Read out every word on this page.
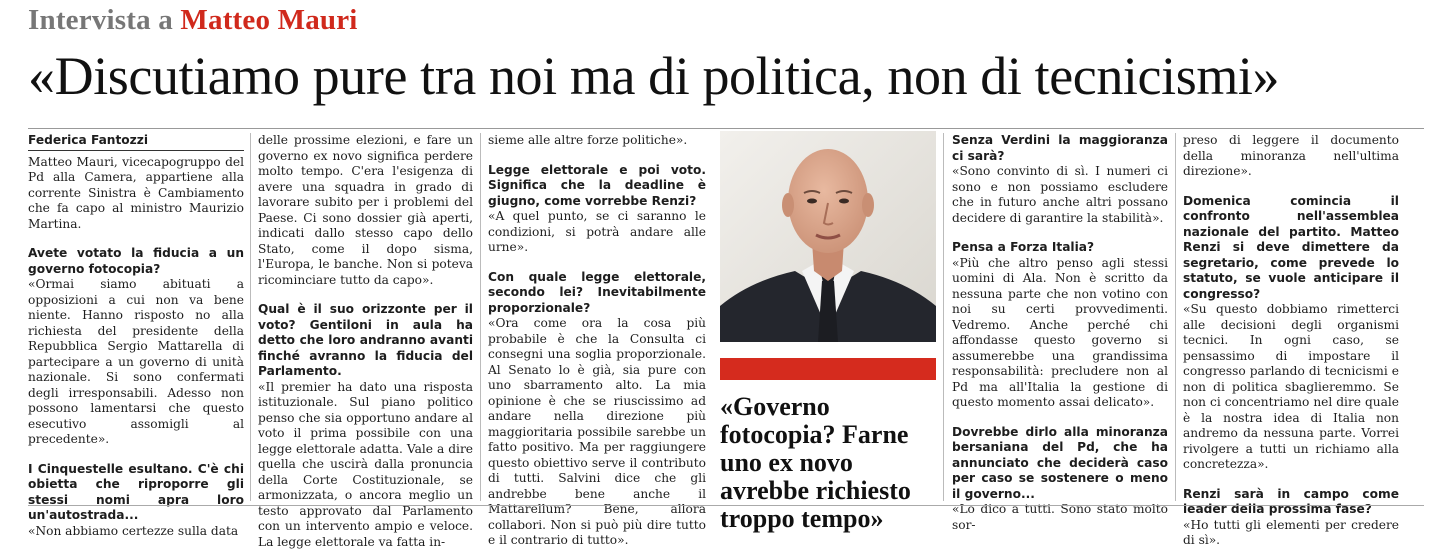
Intervista a Matteo Mauri
«Discutiamo pure tra noi ma di politica, non di tecnicismi»
Federica Fantozzi

Matteo Mauri, vicecapogruppo del Pd alla Camera, appartiene alla corrente Sinistra è Cambiamento che fa capo al ministro Maurizio Martina.

Avete votato la fiducia a un governo fotocopia?

«Ormai siamo abituati a opposizioni a cui non va bene niente. Hanno risposto no alla richiesta del presidente della Repubblica Sergio Mattarella di partecipare a un governo di unità nazionale. Si sono confermati degli irresponsabili. Adesso non possono lamentarsi che questo esecutivo assomigli al precedente».

I Cinquestelle esultano. C'è chi obietta che riproporre gli stessi nomi apra loro un'autostrada...

«Non abbiamo certezze sulla data

delle prossime elezioni, e fare un governo ex novo significa perdere molto tempo. C'era l'esigenza di avere una squadra in grado di lavorare subito per i problemi del Paese. Ci sono dossier già aperti, indicati dallo stesso capo dello Stato, come il dopo sisma, l'Europa, le banche. Non si poteva ricominciare tutto da capo».

Qual è il suo orizzonte per il voto? Gentiloni in aula ha detto che loro andranno avanti finché avranno la fiducia del Parlamento.

«Il premier ha dato una risposta istituzionale. Sul piano politico penso che sia opportuno andare al voto il prima possibile con una legge elettorale adatta. Vale a dire quella che uscirà dalla pronuncia della Corte Costituzionale, se armonizzata, o ancora meglio un testo approvato dal Parlamento con un intervento ampio e veloce. La legge elettorale va fatta in-

sieme alle altre forze politiche».

Legge elettorale e poi voto. Significa che la deadline è giugno, come vorrebbe Renzi?

«A quel punto, se ci saranno le condizioni, si potrà andare alle urne».

Con quale legge elettorale, secondo lei? Inevitabilmente proporzionale?

«Ora come ora la cosa più probabile è che la Consulta ci consegni una soglia proporzionale. Al Senato lo è già, sia pure con uno sbarramento alto. La mia opinione è che se riuscissimo ad andare nella direzione più maggioritaria possibile sarebbe un fatto positivo. Ma per raggiungere questo obiettivo serve il contributo di tutti. Salvini dice che gli andrebbe bene anche il Mattarellum? Bene, allora collabori. Non si può più dire tutto e il contrario di tutto».

«Governo fotocopia? Farne uno ex novo avrebbe richiesto troppo tempo»
Senza Verdini la maggioranza ci sarà?

«Sono convinto di sì. I numeri ci sono e non possiamo escludere che in futuro anche altri possano decidere di garantire la stabilità».

Pensa a Forza Italia?

«Più che altro penso agli stessi uomini di Ala. Non è scritto da nessuna parte che non votino con noi su certi provvedimenti. Vedremo. Anche perché chi affondasse questo governo si assumerebbe una grandissima responsabilità: precludere non al Pd ma all'Italia la gestione di questo momento assai delicato».

Dovrebbe dirlo alla minoranza bersaniana del Pd, che ha annunciato che deciderà caso per caso se sostenere o meno il governo...

«Lo dico a tutti. Sono stato molto sor-

preso di leggere il documento della minoranza nell'ultima direzione».

Domenica comincia il confronto nell'assemblea nazionale del partito. Matteo Renzi si deve dimettere da segretario, come prevede lo statuto, se vuole anticipare il congresso?

«Su questo dobbiamo rimetterci alle decisioni degli organismi tecnici. In ogni caso, se pensassimo di impostare il congresso parlando di tecnicismi e non di politica sbaglieremmo. Se non ci concentriamo nel dire quale è la nostra idea di Italia non andremo da nessuna parte. Vorrei rivolgere a tutti un richiamo alla concretezza».

Renzi sarà in campo come leader della prossima fase?

«Ho tutti gli elementi per credere di sì».
